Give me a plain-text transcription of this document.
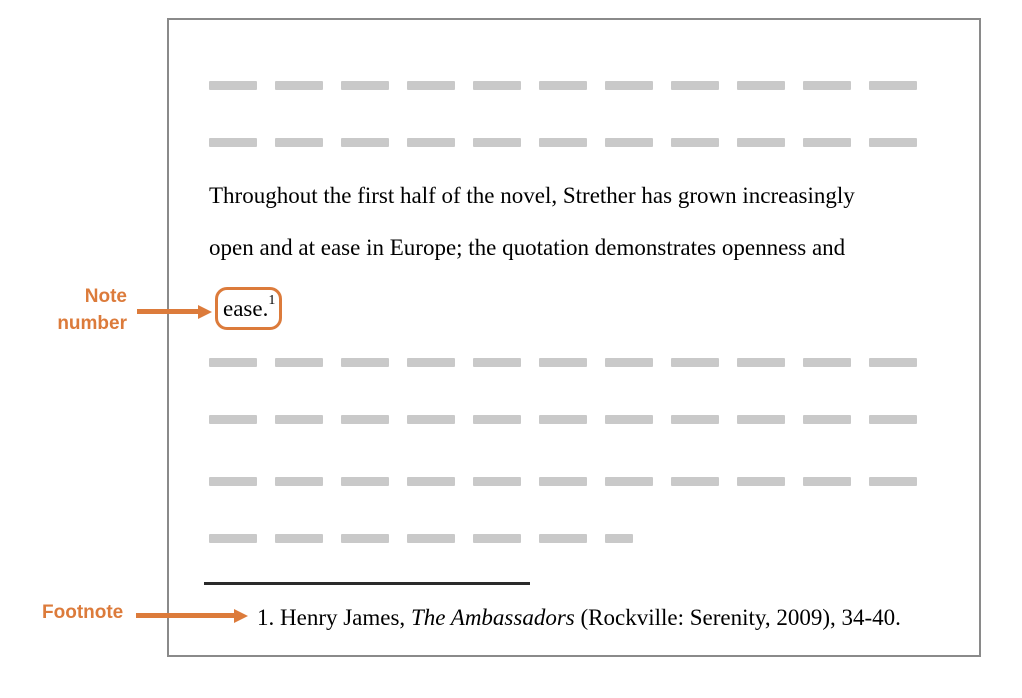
Throughout the first half of the novel, Strether has grown increasingly
open and at ease in Europe; the quotation demonstrates openness and
ease. 1
1. Henry James, The Ambassadors (Rockville: Serenity, 2009), 34-40.
Note
number
Footnote
